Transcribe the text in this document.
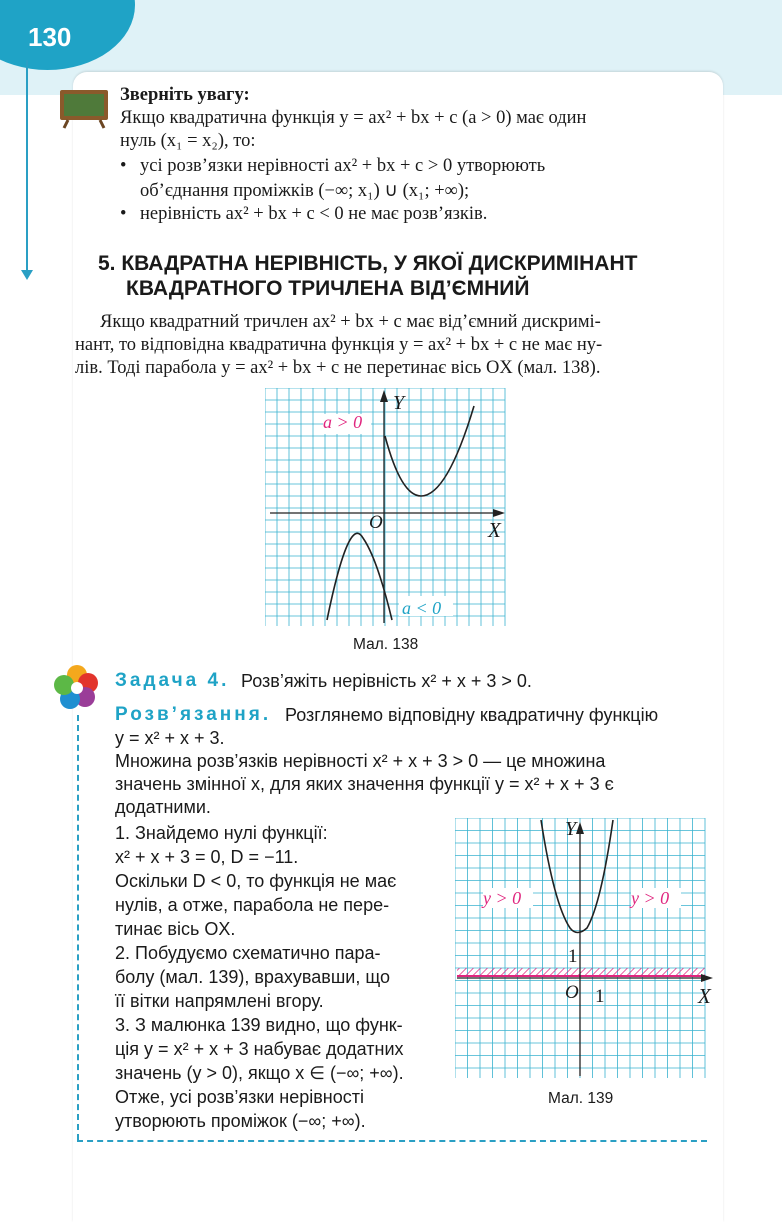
130
Зверніть увагу:
Якщо квадратична функція y = ax² + bx + c (a > 0) має один
нуль (x₁ = x₂), то:
• усі розв’язки нерівності ax² + bx + c > 0 утворюють
об’єднання проміжків (−∞; x₁) ∪ (x₁; +∞);
• нерівність ax² + bx + c < 0 не має розв’язків.
5. КВАДРАТНА НЕРІВНІСТЬ, У ЯКОЇ ДИСКРИМІНАНТ
КВАДРАТНОГО ТРИЧЛЕНА ВІД’ЄМНИЙ
Якщо квадратний тричлен ax² + bx + c має від’ємний дискримі-
нант, то відповідна квадратична функція y = ax² + bx + c не має ну-
лів. Тоді парабола y = ax² + bx + c не перетинає вісь OX (мал. 138).
Y
X
O
a > 0
a < 0
Мал. 138
Задача 4. Розв’яжіть нерівність x² + x + 3 > 0.
Розв’язання. Розглянемо відповідну квадратичну функцію
y = x² + x + 3.
Множина розв’язків нерівності x² + x + 3 > 0 — це множина
значень змінної x, для яких значення функції y = x² + x + 3 є
додатними.
1. Знайдемо нулі функції:
x² + x + 3 = 0, D = −11.
Оскільки D < 0, то функція не має
нулів, а отже, парабола не пере-
тинає вісь OX.
2. Побудуємо схематично пара-
болу (мал. 139), врахувавши, що
її вітки напрямлені вгору.
3. З малюнка 139 видно, що функ-
ція y = x² + x + 3 набуває додатних
значень (y > 0), якщо x ∈ (−∞; +∞).
Отже, усі розв’язки нерівності
утворюють проміжок (−∞; +∞).
Y
X
O
1
1
y > 0	y > 0
Мал. 139
